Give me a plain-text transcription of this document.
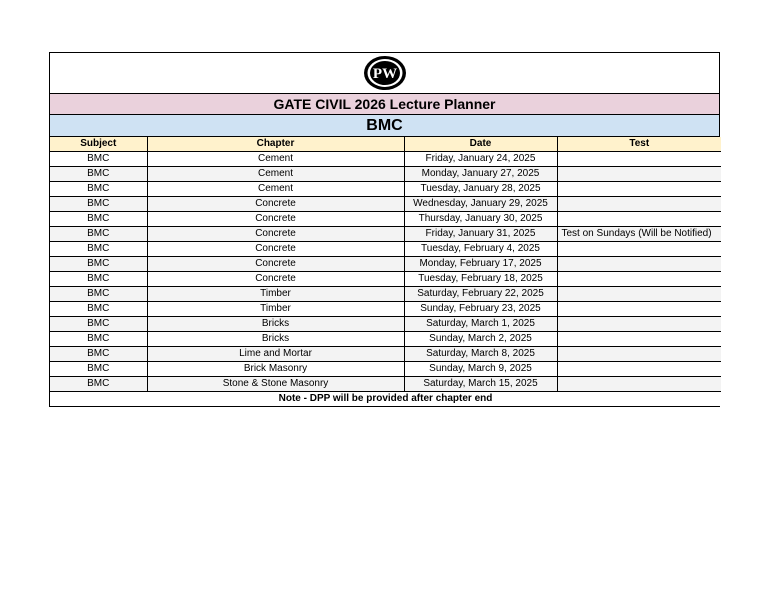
PW
GATE CIVIL 2026 Lecture Planner
BMC
Subject	Chapter	Date	Test
BMC	Cement	Friday, January 24, 2025	
BMC	Cement	Monday, January 27, 2025	
BMC	Cement	Tuesday, January 28, 2025	
BMC	Concrete	Wednesday, January 29, 2025	
BMC	Concrete	Thursday, January 30, 2025	
BMC	Concrete	Friday, January 31, 2025	Test on Sundays (Will be Notified)
BMC	Concrete	Tuesday, February 4, 2025	
BMC	Concrete	Monday, February 17, 2025	
BMC	Concrete	Tuesday, February 18, 2025	
BMC	Timber	Saturday, February 22, 2025	
BMC	Timber	Sunday, February 23, 2025	
BMC	Bricks	Saturday, March 1, 2025	
BMC	Bricks	Sunday, March 2, 2025	
BMC	Lime and Mortar	Saturday, March 8, 2025	
BMC	Brick Masonry	Sunday, March 9, 2025	
BMC	Stone & Stone Masonry	Saturday, March 15, 2025	
Note - DPP will be provided after chapter end			
